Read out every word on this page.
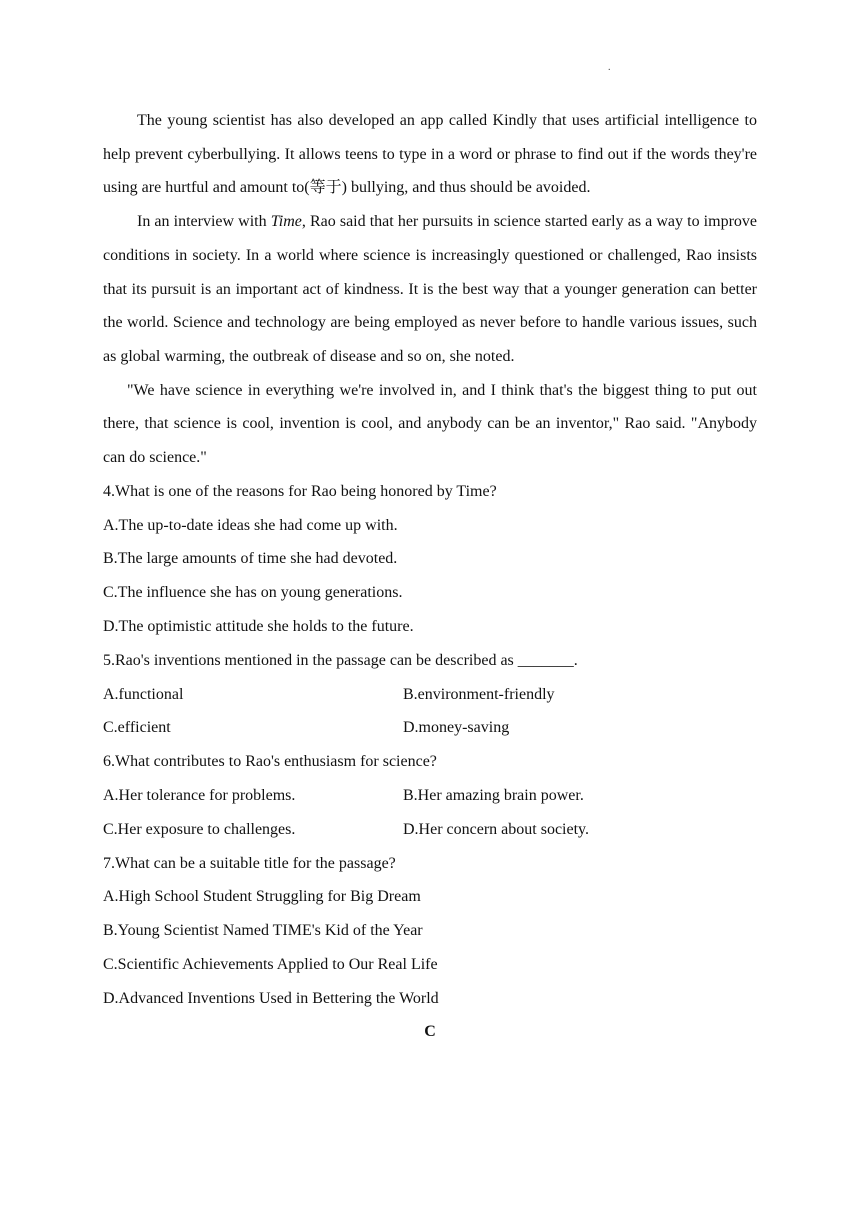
.

The young scientist has also developed an app called Kindly that uses artificial intelligence to help prevent cyberbullying. It allows teens to type in a word or phrase to find out if the words they're using are hurtful and amount to(等于) bullying, and thus should be avoided.

In an interview with Time, Rao said that her pursuits in science started early as a way to improve conditions in society. In a world where science is increasingly questioned or challenged, Rao insists that its pursuit is an important act of kindness. It is the best way that a younger generation can better the world. Science and technology are being employed as never before to handle various issues, such as global warming, the outbreak of disease and so on, she noted.

"We have science in everything we're involved in, and I think that's the biggest thing to put out there, that science is cool, invention is cool, and anybody can be an inventor," Rao said. "Anybody can do science."

4.What is one of the reasons for Rao being honored by Time?

A.The up-to-date ideas she had come up with.

B.The large amounts of time she had devoted.

C.The influence she has on young generations.

D.The optimistic attitude she holds to the future.

5.Rao's inventions mentioned in the passage can be described as _______.

A.functional	B.environment-friendly
C.efficient	D.money-saving

6.What contributes to Rao's enthusiasm for science?

A.Her tolerance for problems.	B.Her amazing brain power.
C.Her exposure to challenges.	D.Her concern about society.

7.What can be a suitable title for the passage?

A.High School Student Struggling for Big Dream

B.Young Scientist Named TIME's Kid of the Year

C.Scientific Achievements Applied to Our Real Life

D.Advanced Inventions Used in Bettering the World

C
